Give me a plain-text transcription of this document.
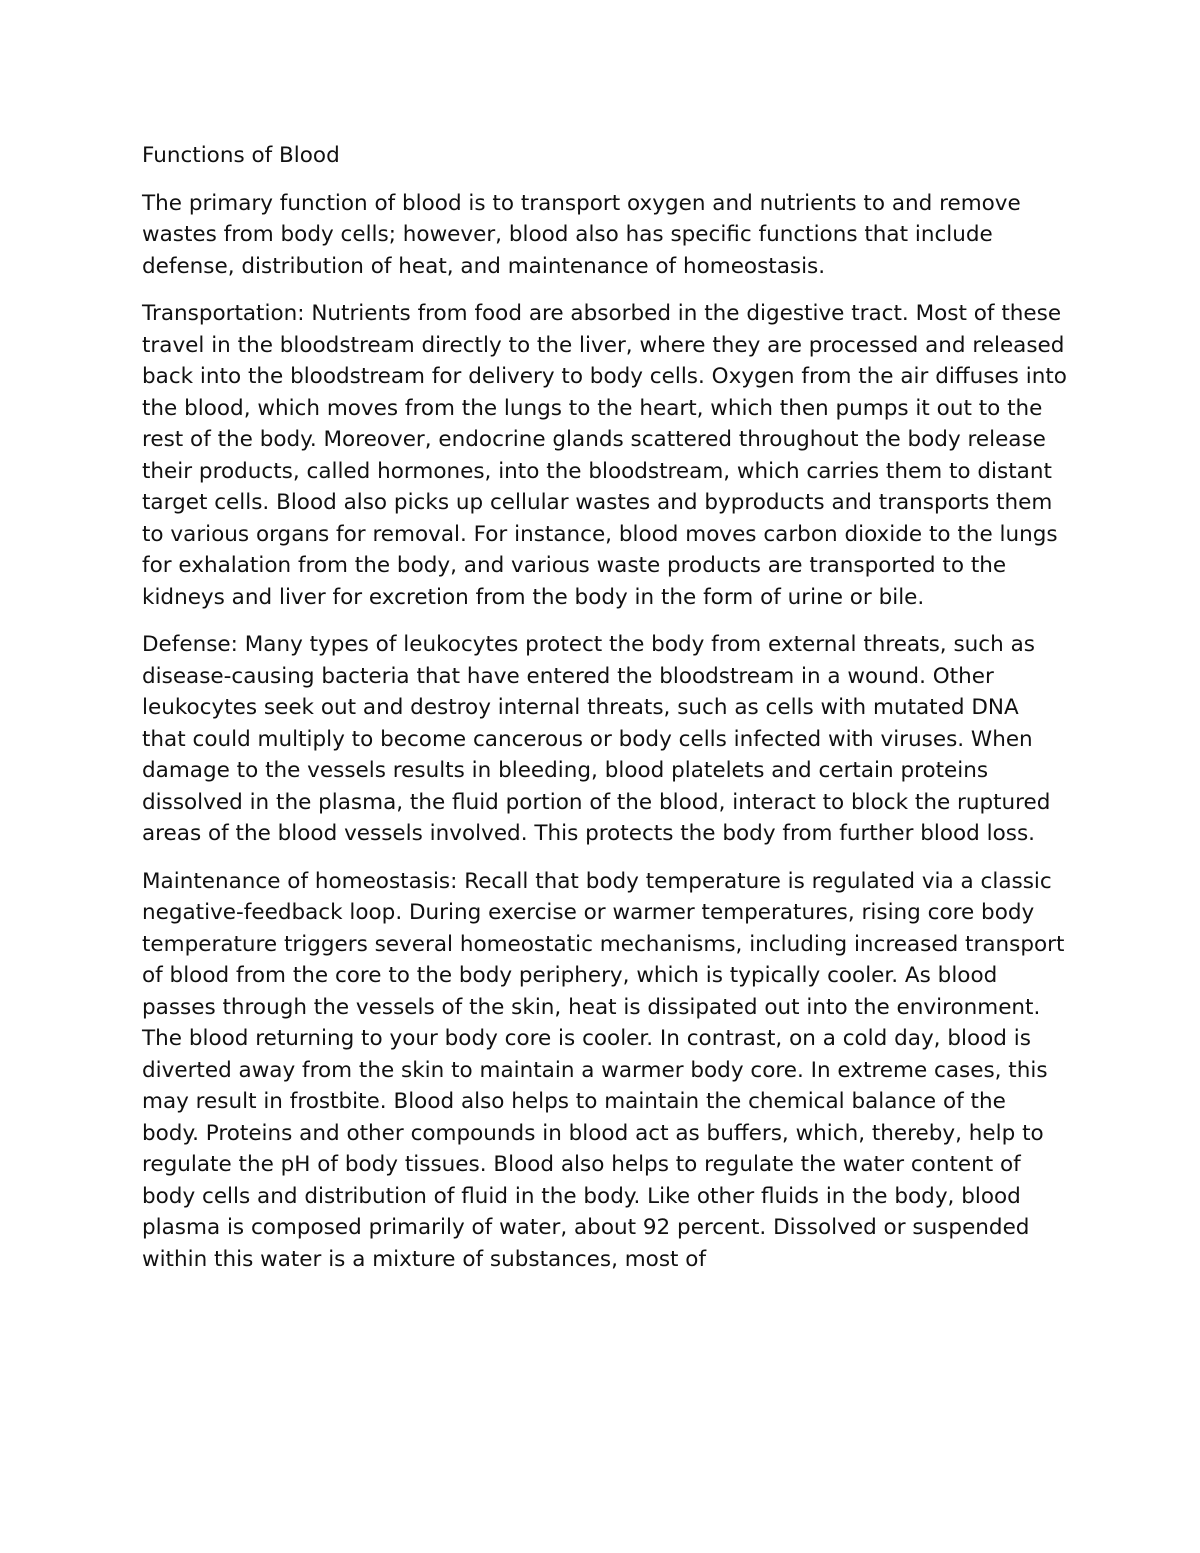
Functions of Blood

The primary function of blood is to transport oxygen and nutrients to and remove wastes from body cells; however, blood also has specific functions that include defense, distribution of heat, and maintenance of homeostasis.

Transportation: Nutrients from food are absorbed in the digestive tract. Most of these travel in the bloodstream directly to the liver, where they are processed and released back into the bloodstream for delivery to body cells. Oxygen from the air diffuses into the blood, which moves from the lungs to the heart, which then pumps it out to the rest of the body. Moreover, endocrine glands scattered throughout the body release their products, called hormones, into the bloodstream, which carries them to distant target cells. Blood also picks up cellular wastes and byproducts and transports them to various organs for removal. For instance, blood moves carbon dioxide to the lungs for exhalation from the body, and various waste products are transported to the kidneys and liver for excretion from the body in the form of urine or bile.

Defense: Many types of leukocytes protect the body from external threats, such as disease-causing bacteria that have entered the bloodstream in a wound. Other leukocytes seek out and destroy internal threats, such as cells with mutated DNA that could multiply to become cancerous or body cells infected with viruses. When damage to the vessels results in bleeding, blood platelets and certain proteins dissolved in the plasma, the fluid portion of the blood, interact to block the ruptured areas of the blood vessels involved. This protects the body from further blood loss.

Maintenance of homeostasis: Recall that body temperature is regulated via a classic negative-feedback loop. During exercise or warmer temperatures, rising core body temperature triggers several homeostatic mechanisms, including increased transport of blood from the core to the body periphery, which is typically cooler. As blood passes through the vessels of the skin, heat is dissipated out into the environment. The blood returning to your body core is cooler. In contrast, on a cold day, blood is diverted away from the skin to maintain a warmer body core. In extreme cases, this may result in frostbite. Blood also helps to maintain the chemical balance of the body. Proteins and other compounds in blood act as buffers, which, thereby, help to regulate the pH of body tissues. Blood also helps to regulate the water content of body cells and distribution of fluid in the body. Like other fluids in the body, blood plasma is composed primarily of water, about 92 percent. Dissolved or suspended within this water is a mixture of substances, most of
